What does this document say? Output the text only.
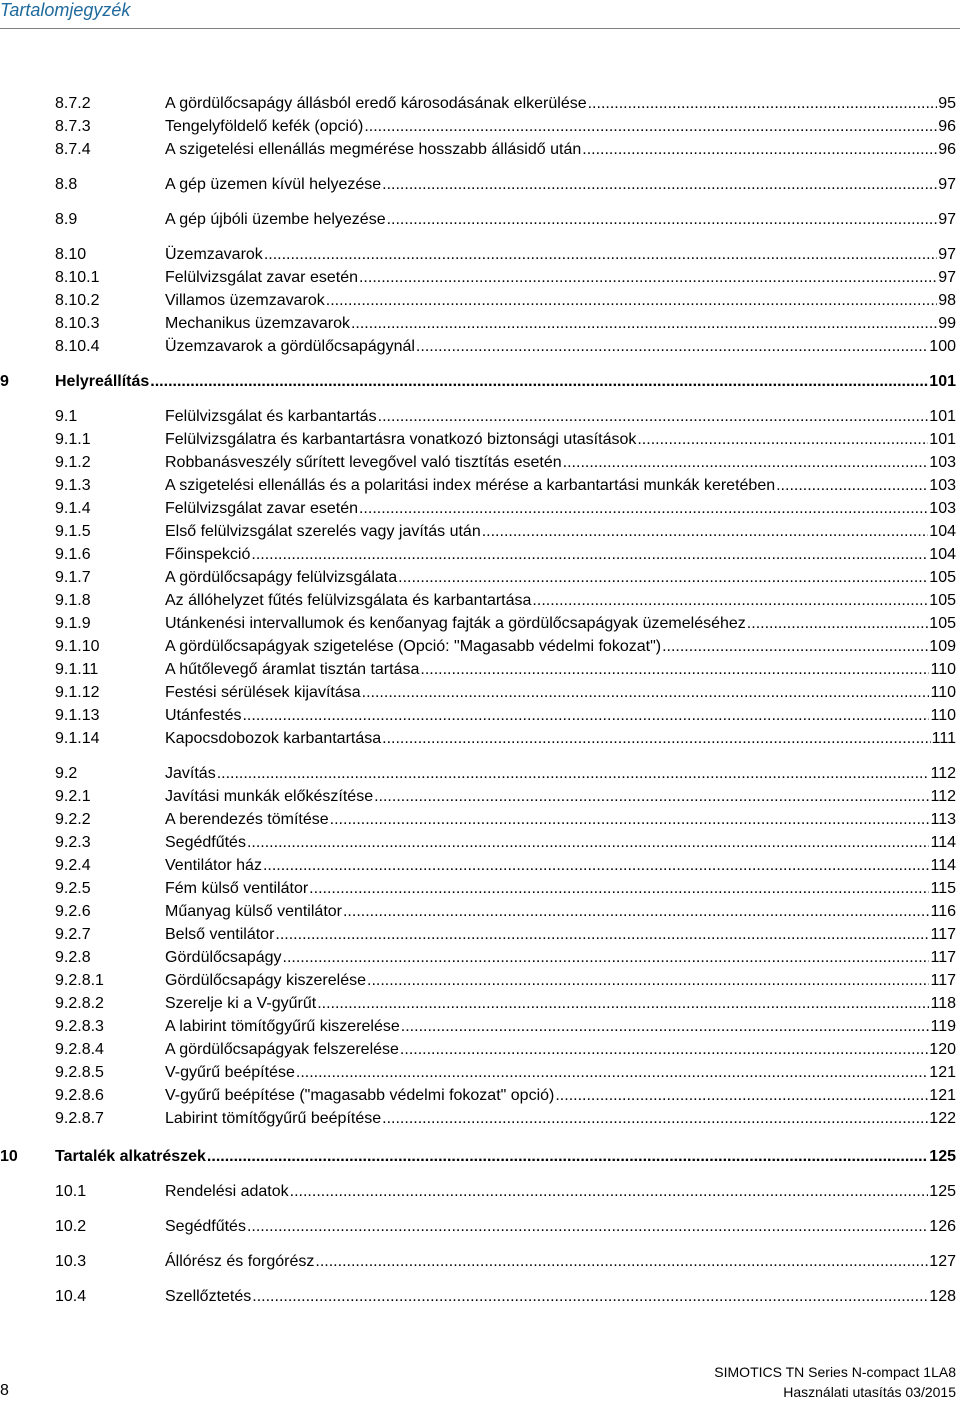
Tartalomjegyzék
8.7.2	A gördülőcsapágy állásból eredő károsodásának elkerülése .....	95
8.7.3	Tengelyföldelő kefék (opció) .....	96
8.7.4	A szigetelési ellenállás megmérése hosszabb állásidő után .....	96
8.8	A gép üzemen kívül helyezése .....	97
8.9	A gép újbóli üzembe helyezése .....	97
8.10	Üzemzavarok .....	97
8.10.1	Felülvizsgálat zavar esetén .....	97
8.10.2	Villamos üzemzavarok .....	98
8.10.3	Mechanikus üzemzavarok .....	99
8.10.4	Üzemzavarok a gördülőcsapágynál .....	100
9	Helyreállítás .....	101
9.1	Felülvizsgálat és karbantartás .....	101
9.1.1	Felülvizsgálatra és karbantartásra vonatkozó biztonsági utasítások .....	101
9.1.2	Robbanásveszély sűrített levegővel való tisztítás esetén .....	103
9.1.3	A szigetelési ellenállás és a polaritási index mérése a karbantartási munkák keretében .....	103
9.1.4	Felülvizsgálat zavar esetén .....	103
9.1.5	Első felülvizsgálat szerelés vagy javítás után .....	104
9.1.6	Főinspekció .....	104
9.1.7	A gördülőcsapágy felülvizsgálata .....	105
9.1.8	Az állóhelyzet fűtés felülvizsgálata és karbantartása .....	105
9.1.9	Utánkenési intervallumok és kenőanyag fajták a gördülőcsapágyak üzemeléséhez .....	105
9.1.10	A gördülőcsapágyak szigetelése (Opció: "Magasabb védelmi fokozat") .....	109
9.1.11	A hűtőlevegő áramlat tisztán tartása .....	110
9.1.12	Festési sérülések kijavítása .....	110
9.1.13	Utánfestés .....	110
9.1.14	Kapocsdobozok karbantartása .....	111
9.2	Javítás .....	112
9.2.1	Javítási munkák előkészítése .....	112
9.2.2	A berendezés tömítése .....	113
9.2.3	Segédfűtés .....	114
9.2.4	Ventilátor ház .....	114
9.2.5	Fém külső ventilátor .....	115
9.2.6	Műanyag külső ventilátor .....	116
9.2.7	Belső ventilátor .....	117
9.2.8	Gördülőcsapágy .....	117
9.2.8.1	Gördülőcsapágy kiszerelése .....	117
9.2.8.2	Szerelje ki a V-gyűrűt .....	118
9.2.8.3	A labirint tömítőgyűrű kiszerelése .....	119
9.2.8.4	A gördülőcsapágyak felszerelése .....	120
9.2.8.5	V-gyűrű beépítése .....	121
9.2.8.6	V-gyűrű beépítése ("magasabb védelmi fokozat" opció) .....	121
9.2.8.7	Labirint tömítőgyűrű beépítése .....	122
10 Tartalék alkatrészek .....	125
10.1	Rendelési adatok .....	125
10.2	Segédfűtés .....	126
10.3	Állórész és forgórész .....	127
10.4	Szellőztetés .....	128
8
SIMOTICS TN Series N-compact 1LA8
Használati utasítás 03/2015
